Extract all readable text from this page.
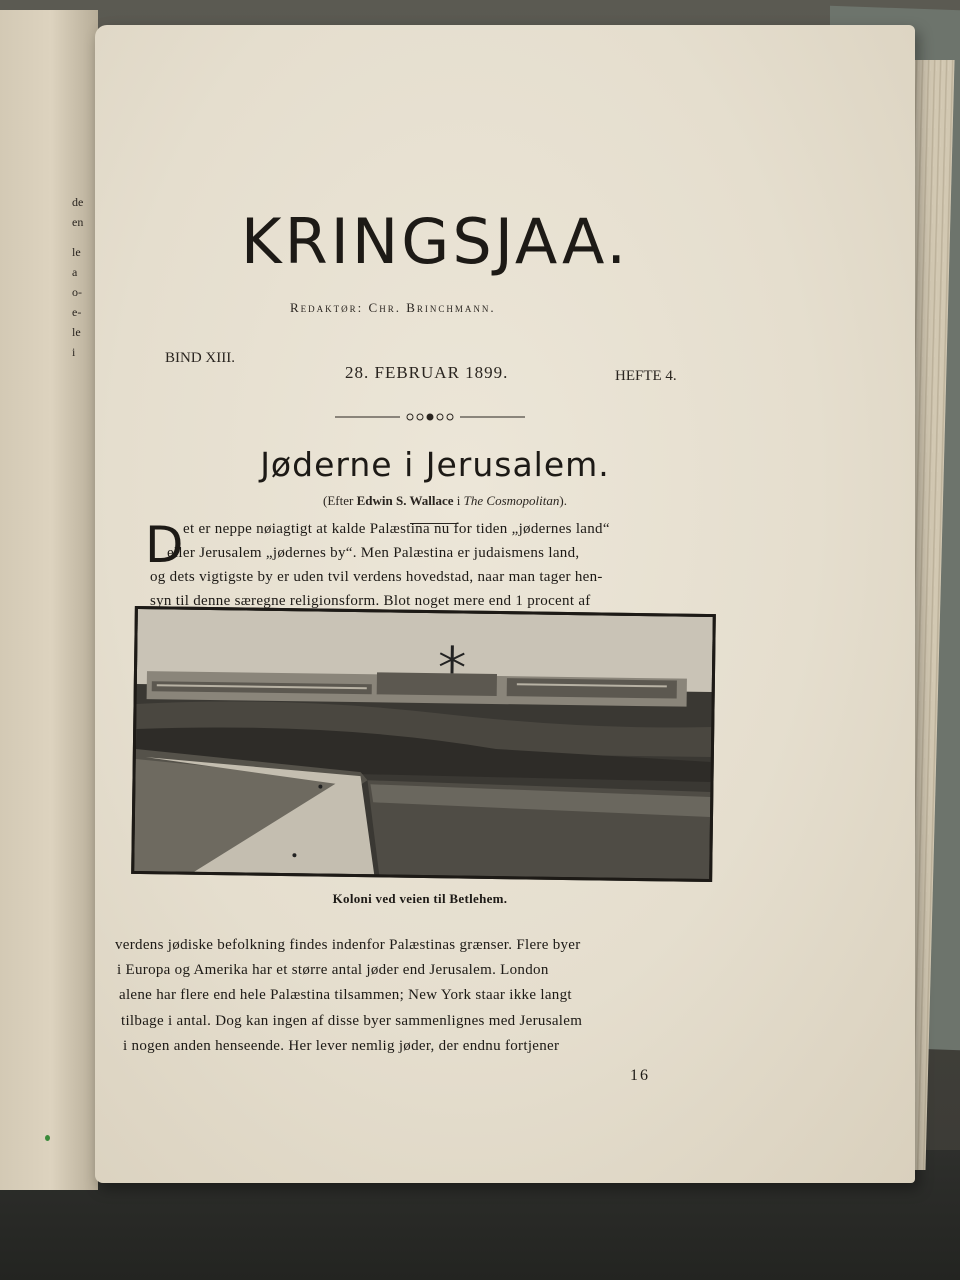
de
en
le
a
o-
e-
le
i
KRINGSJAA.
Redaktør: Chr. Brinchmann.
BIND XIII.
28. FEBRUAR 1899.	HEFTE 4.
Jøderne i Jerusalem.
(Efter Edwin S. Wallace i The Cosmopolitan).
D et er neppe nøiagtigt at kalde Palæstina nu for tiden „jødernes land“
eller Jerusalem „jødernes by“. Men Palæstina er judaismens land,
og dets vigtigste by er uden tvil verdens hovedstad, naar man tager hen-
syn til denne særegne religionsform. Blot noget mere end 1 procent af
Koloni ved veien til Betlehem.
verdens jødiske befolkning findes indenfor Palæstinas grænser. Flere byer
i Europa og Amerika har et større antal jøder end Jerusalem. London
alene har flere end hele Palæstina tilsammen; New York staar ikke langt
tilbage i antal. Dog kan ingen af disse byer sammenlignes med Jerusalem
i nogen anden henseende. Her lever nemlig jøder, der endnu fortjener
16
